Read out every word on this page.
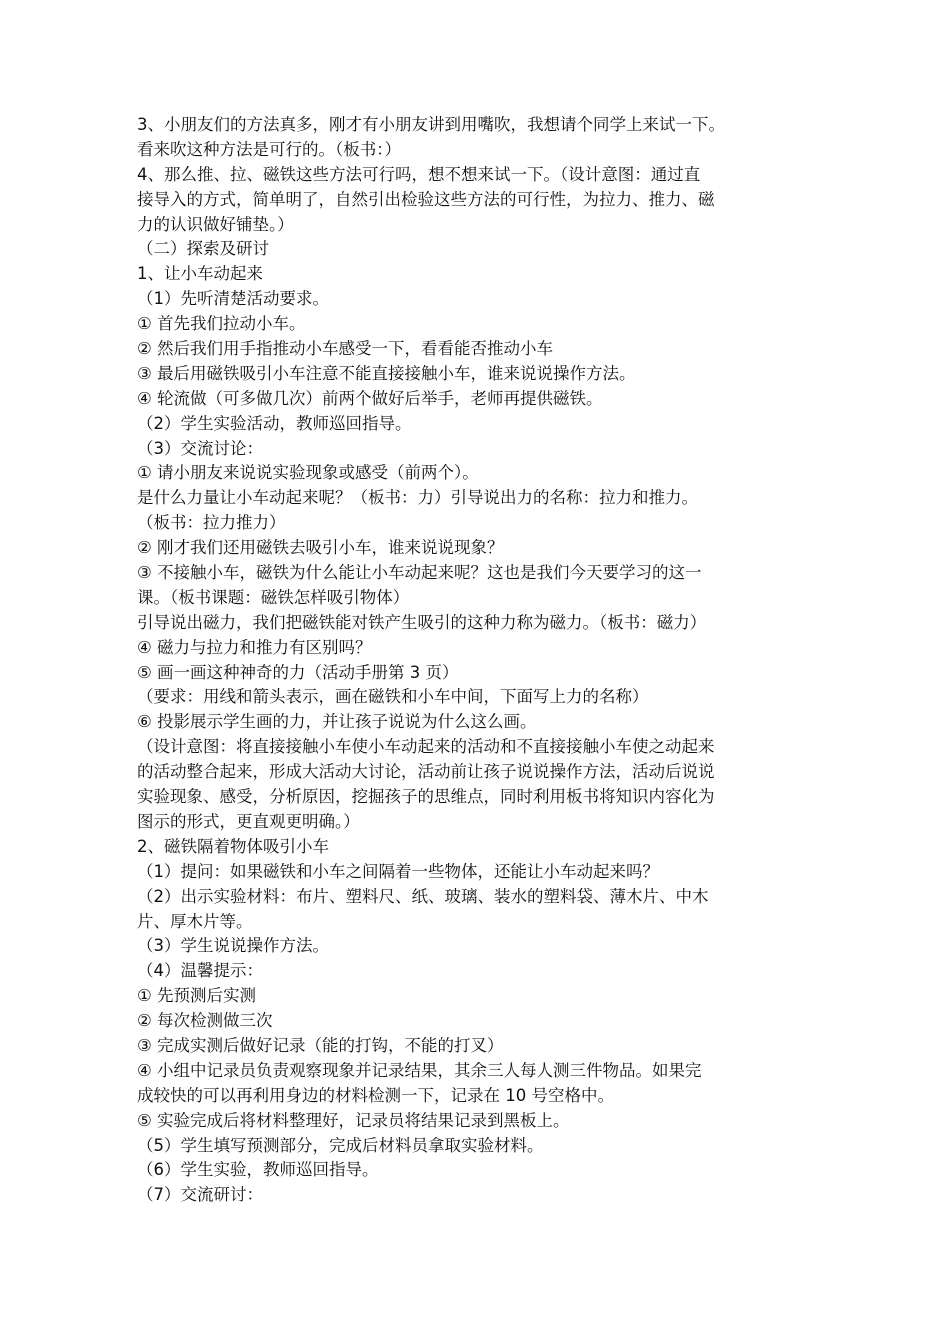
3、小朋友们的方法真多，刚才有小朋友讲到用嘴吹，我想请个同学上来试一下。
看来吹这种方法是可行的。（板书：）
4、那么推、拉、磁铁这些方法可行吗，想不想来试一下。（设计意图：通过直
接导入的方式，简单明了，自然引出检验这些方法的可行性，为拉力、推力、磁
力的认识做好铺垫。）
（二）探索及研讨
1、让小车动起来
（1）先听清楚活动要求。
① 首先我们拉动小车。
② 然后我们用手指推动小车感受一下，看看能否推动小车
③ 最后用磁铁吸引小车注意不能直接接触小车，谁来说说操作方法。
④ 轮流做（可多做几次）前两个做好后举手，老师再提供磁铁。
（2）学生实验活动，教师巡回指导。
（3）交流讨论：
① 请小朋友来说说实验现象或感受（前两个）。
是什么力量让小车动起来呢？（板书：力）引导说出力的名称：拉力和推力。
（板书：拉力推力）
② 刚才我们还用磁铁去吸引小车，谁来说说现象？
③ 不接触小车，磁铁为什么能让小车动起来呢？这也是我们今天要学习的这一
课。（板书课题：磁铁怎样吸引物体）
引导说出磁力，我们把磁铁能对铁产生吸引的这种力称为磁力。（板书：磁力）
④ 磁力与拉力和推力有区别吗？
⑤ 画一画这种神奇的力（活动手册第 3 页）
（要求：用线和箭头表示，画在磁铁和小车中间，下面写上力的名称）
⑥ 投影展示学生画的力，并让孩子说说为什么这么画。
（设计意图：将直接接触小车使小车动起来的活动和不直接接触小车使之动起来
的活动整合起来，形成大活动大讨论，活动前让孩子说说操作方法，活动后说说
实验现象、感受，分析原因，挖掘孩子的思维点，同时利用板书将知识内容化为
图示的形式，更直观更明确。）
2、磁铁隔着物体吸引小车
（1）提问：如果磁铁和小车之间隔着一些物体，还能让小车动起来吗？
（2）出示实验材料：布片、塑料尺、纸、玻璃、装水的塑料袋、薄木片、中木
片、厚木片等。
（3）学生说说操作方法。
（4）温馨提示：
① 先预测后实测
② 每次检测做三次
③ 完成实测后做好记录（能的打钩，不能的打叉）
④ 小组中记录员负责观察现象并记录结果，其余三人每人测三件物品。如果完
成较快的可以再利用身边的材料检测一下，记录在 10 号空格中。
⑤ 实验完成后将材料整理好，记录员将结果记录到黑板上。
（5）学生填写预测部分，完成后材料员拿取实验材料。
（6）学生实验，教师巡回指导。
（7）交流研讨：
